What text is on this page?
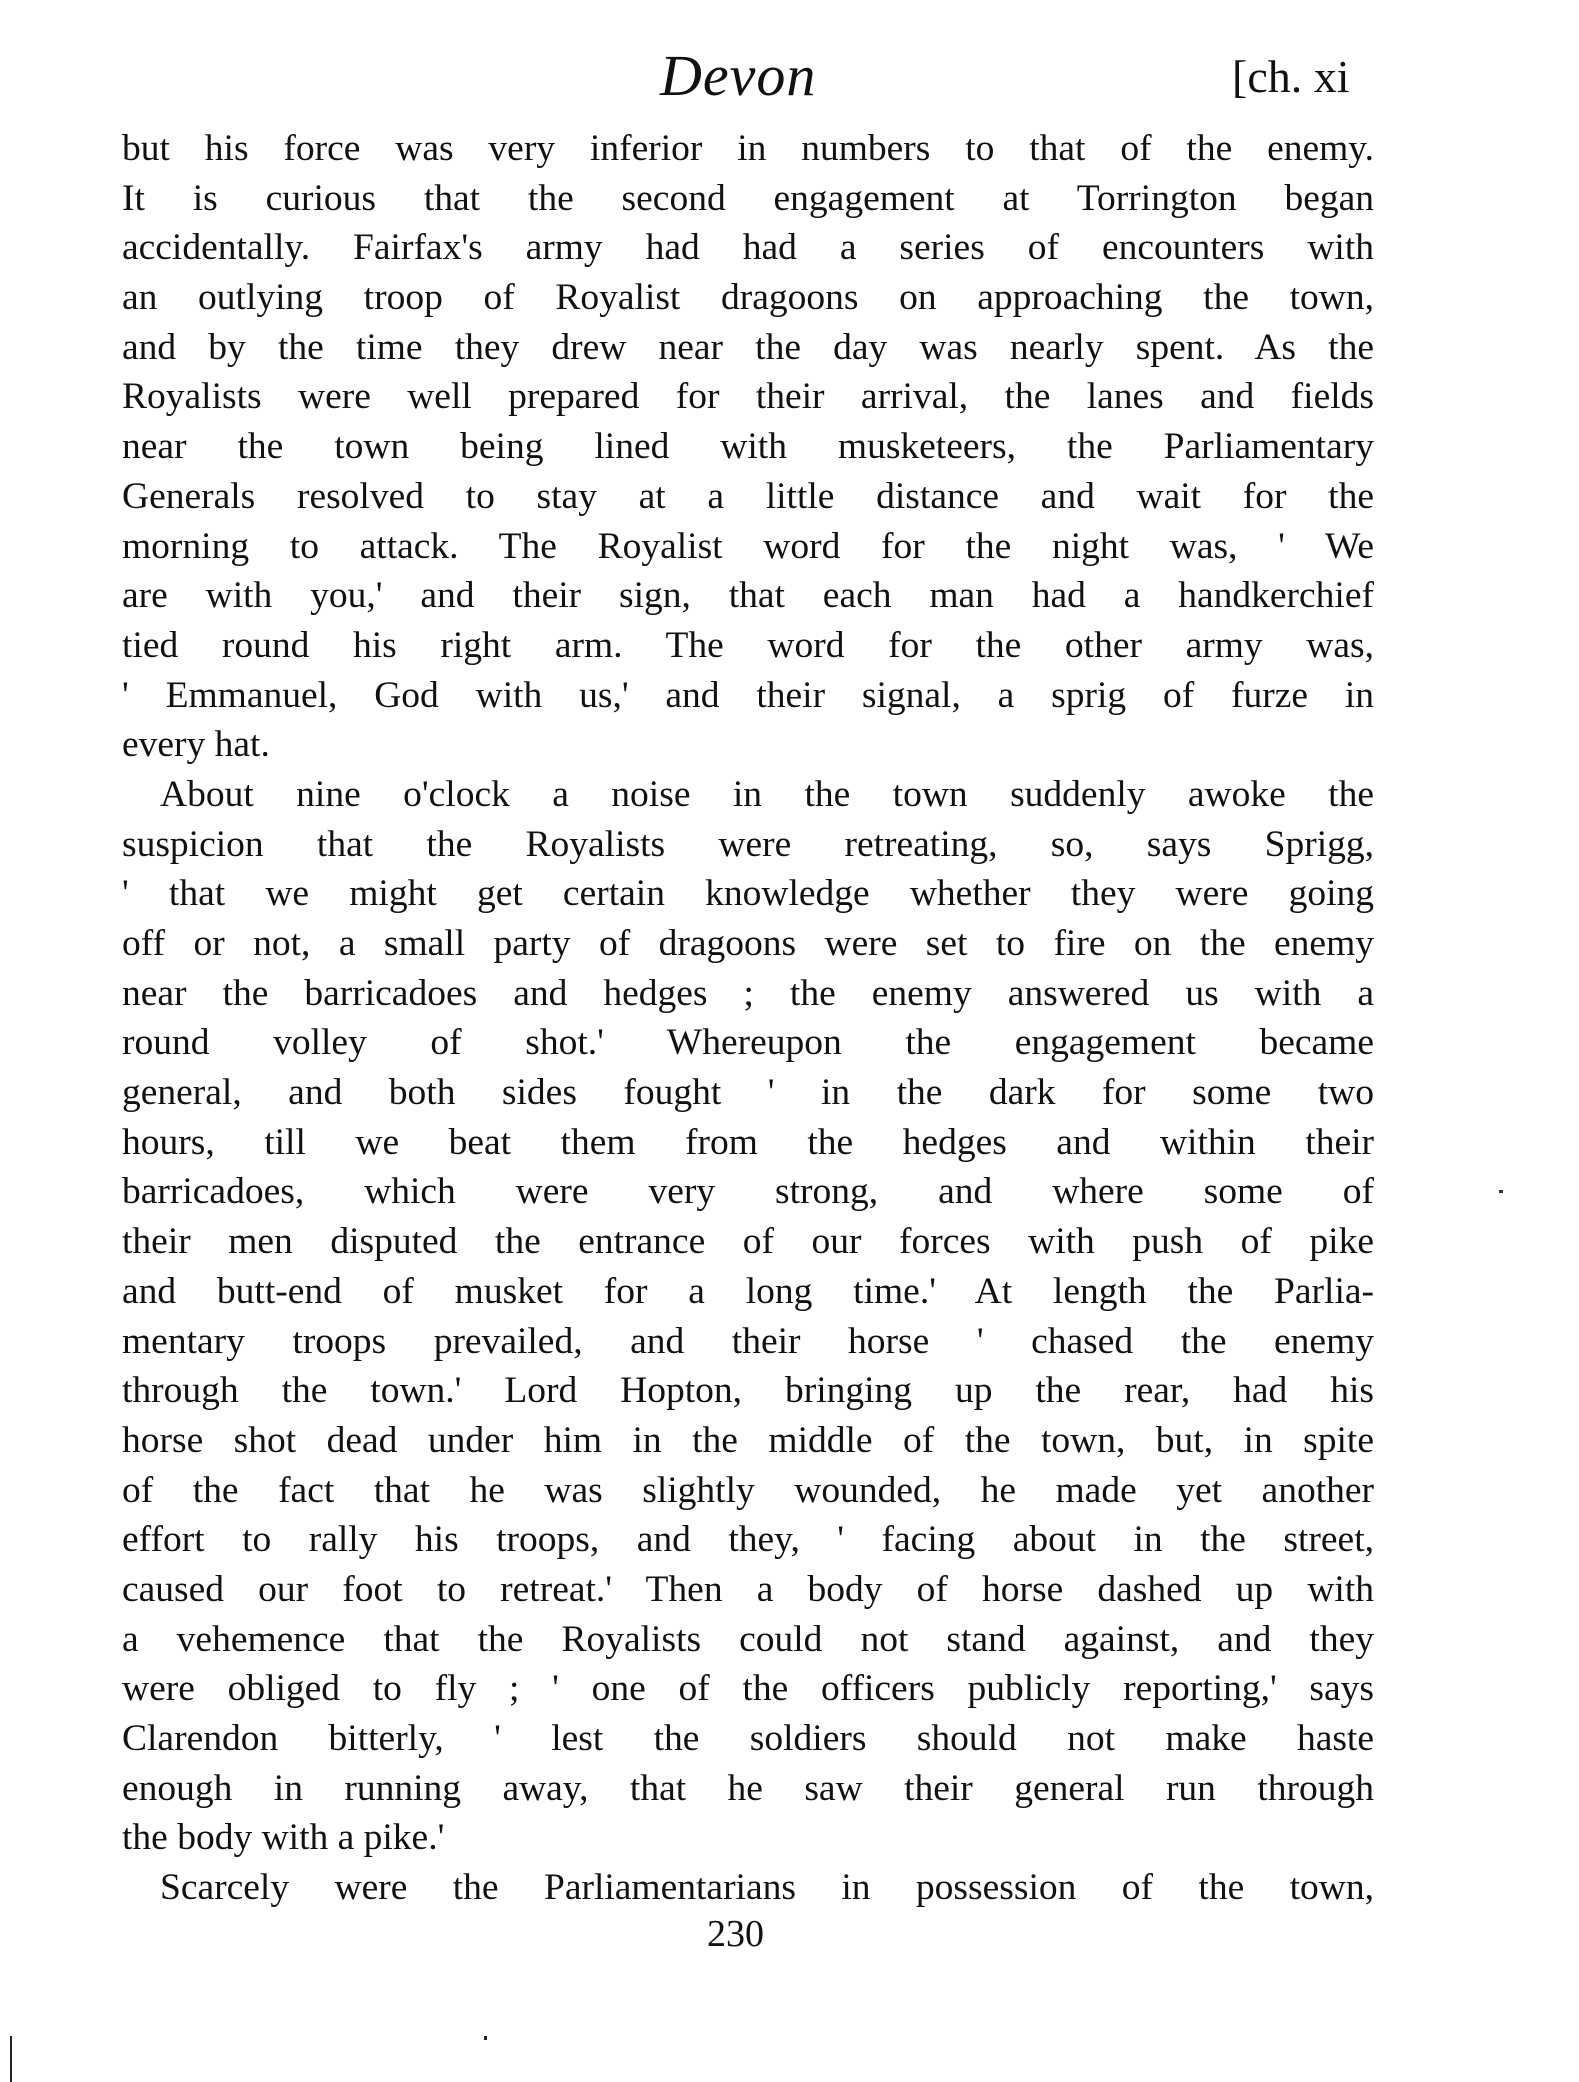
Devon	[ch. xi
but his force was very inferior in numbers to that of the enemy.
It is curious that the second engagement at Torrington began
accidentally. Fairfax's army had had a series of encounters with
an outlying troop of Royalist dragoons on approaching the town,
and by the time they drew near the day was nearly spent. As the
Royalists were well prepared for their arrival, the lanes and fields
near the town being lined with musketeers, the Parliamentary
Generals resolved to stay at a little distance and wait for the
morning to attack. The Royalist word for the night was, ' We
are with you,' and their sign, that each man had a handkerchief
tied round his right arm. The word for the other army was,
' Emmanuel, God with us,' and their signal, a sprig of furze in
every hat.
About nine o'clock a noise in the town suddenly awoke the
suspicion that the Royalists were retreating, so, says Sprigg,
' that we might get certain knowledge whether they were going
off or not, a small party of dragoons were set to fire on the enemy
near the barricadoes and hedges ; the enemy answered us with a
round volley of shot.' Whereupon the engagement became
general, and both sides fought ' in the dark for some two
hours, till we beat them from the hedges and within their
barricadoes, which were very strong, and where some of
their men disputed the entrance of our forces with push of pike
and butt-end of musket for a long time.' At length the Parlia-
mentary troops prevailed, and their horse ' chased the enemy
through the town.' Lord Hopton, bringing up the rear, had his
horse shot dead under him in the middle of the town, but, in spite
of the fact that he was slightly wounded, he made yet another
effort to rally his troops, and they, ' facing about in the street,
caused our foot to retreat.' Then a body of horse dashed up with
a vehemence that the Royalists could not stand against, and they
were obliged to fly ; ' one of the officers publicly reporting,' says
Clarendon bitterly, ' lest the soldiers should not make haste
enough in running away, that he saw their general run through
the body with a pike.'
Scarcely were the Parliamentarians in possession of the town,
230
